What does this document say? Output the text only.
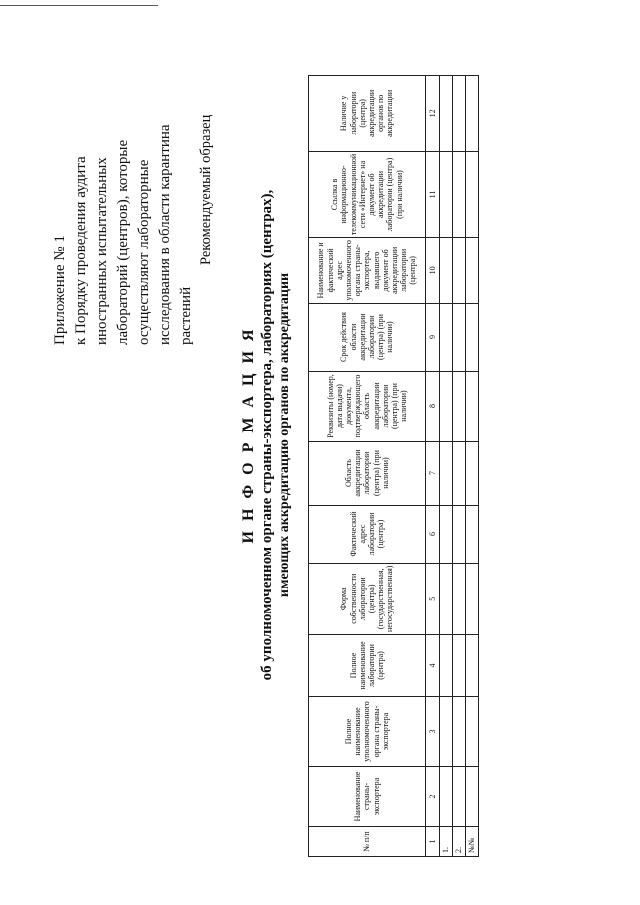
Приложение № 1 к Порядку проведения аудита иностранных испытательных лабораторий (центров), которые осуществляют лабораторные исследования в области карантина растений
Рекомендуемый образец
И Н Ф О Р М А Ц И Я об уполномоченном органе страны-экспортера, лабораториях (центрах), имеющих аккредитацию органов по аккредитации
№ п/п	Наименование страны-экспортера	Полное наименование уполномоченного органа страны-экспортера	Полное наименование лаборатории (центра)	Форма собственности лаборатории (центра) (государственная, негосударственная)	Фактический адрес лаборатории (центра)	Область аккредитации лаборатории (центра) (при наличии)	Реквизиты (номер, дата выдачи) документа, подтверждающего область аккредитации лаборатории (центра) (при наличии)	Срок действия области аккредитации лаборатории (центра) (при наличии)	Наименование и фактический адрес уполномоченного органа страны-экспортера, выдавшего документ об аккредитации лаборатории (центра)	Ссылка в информационно-телекоммуникационной сети «Интернет» на документ об аккредитации лаборатории (центра) (при наличии)	Наличие у лаборатории (центра) аккредитации органов по аккредитации
1	2	3	4	5	6	7	8	9	10	11	12
1.											
2.											
№№											
